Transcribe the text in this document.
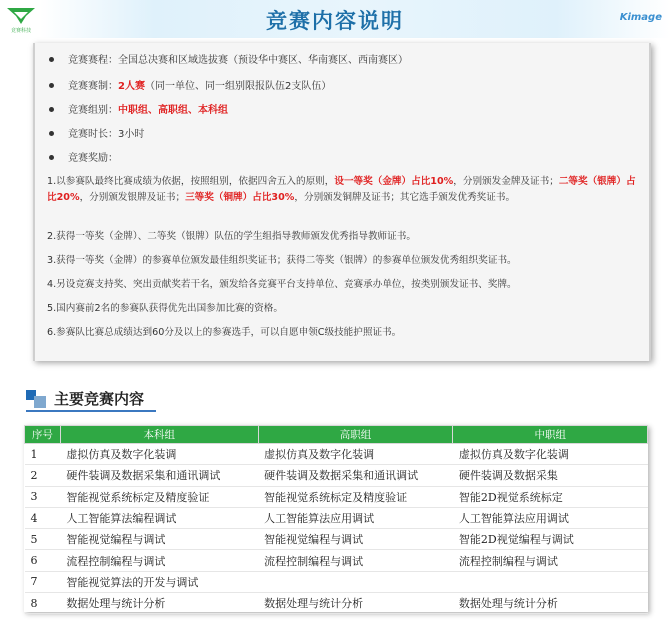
竞赛科技	竞赛内容说明	Kimage
竞赛赛程：全国总决赛和区域选拔赛（预设华中赛区、华南赛区、西南赛区）
竞赛赛制：2人赛（同一单位、同一组别限报队伍2支队伍）
竞赛组别：中职组、高职组、本科组
竞赛时长：3小时
竞赛奖励：
1.以参赛队最终比赛成绩为依据，按照组别，依据四舍五入的原则，设一等奖（金牌）占比10%，分别颁发金牌及证书；二等奖（银牌）占比20%，分别颁发银牌及证书；三等奖（铜牌）占比30%，分别颁发铜牌及证书；其它选手颁发优秀奖证书。
2.获得一等奖（金牌）、二等奖（银牌）队伍的学生组指导教师颁发优秀指导教师证书。
3.获得一等奖（金牌）的参赛单位颁发最佳组织奖证书；获得二等奖（银牌）的参赛单位颁发优秀组织奖证书。
4.另设竞赛支持奖、突出贡献奖若干名，颁发给各竞赛平台支持单位、竞赛承办单位，按类别颁发证书、奖牌。
5.国内赛前2名的参赛队获得优先出国参加比赛的资格。
6.参赛队比赛总成绩达到60分及以上的参赛选手，可以自愿申领C级技能护照证书。
主要竞赛内容
序号	本科组	高职组	中职组
1	虚拟仿真及数字化装调	虚拟仿真及数字化装调	虚拟仿真及数字化装调
2	硬件装调及数据采集和通讯调试	硬件装调及数据采集和通讯调试	硬件装调及数据采集
3	智能视觉系统标定及精度验证	智能视觉系统标定及精度验证	智能2D视觉系统标定
4	人工智能算法编程调试	人工智能算法应用调试	人工智能算法应用调试
5	智能视觉编程与调试	智能视觉编程与调试	智能2D视觉编程与调试
6	流程控制编程与调试	流程控制编程与调试	流程控制编程与调试
7	智能视觉算法的开发与调试		
8	数据处理与统计分析	数据处理与统计分析	数据处理与统计分析
